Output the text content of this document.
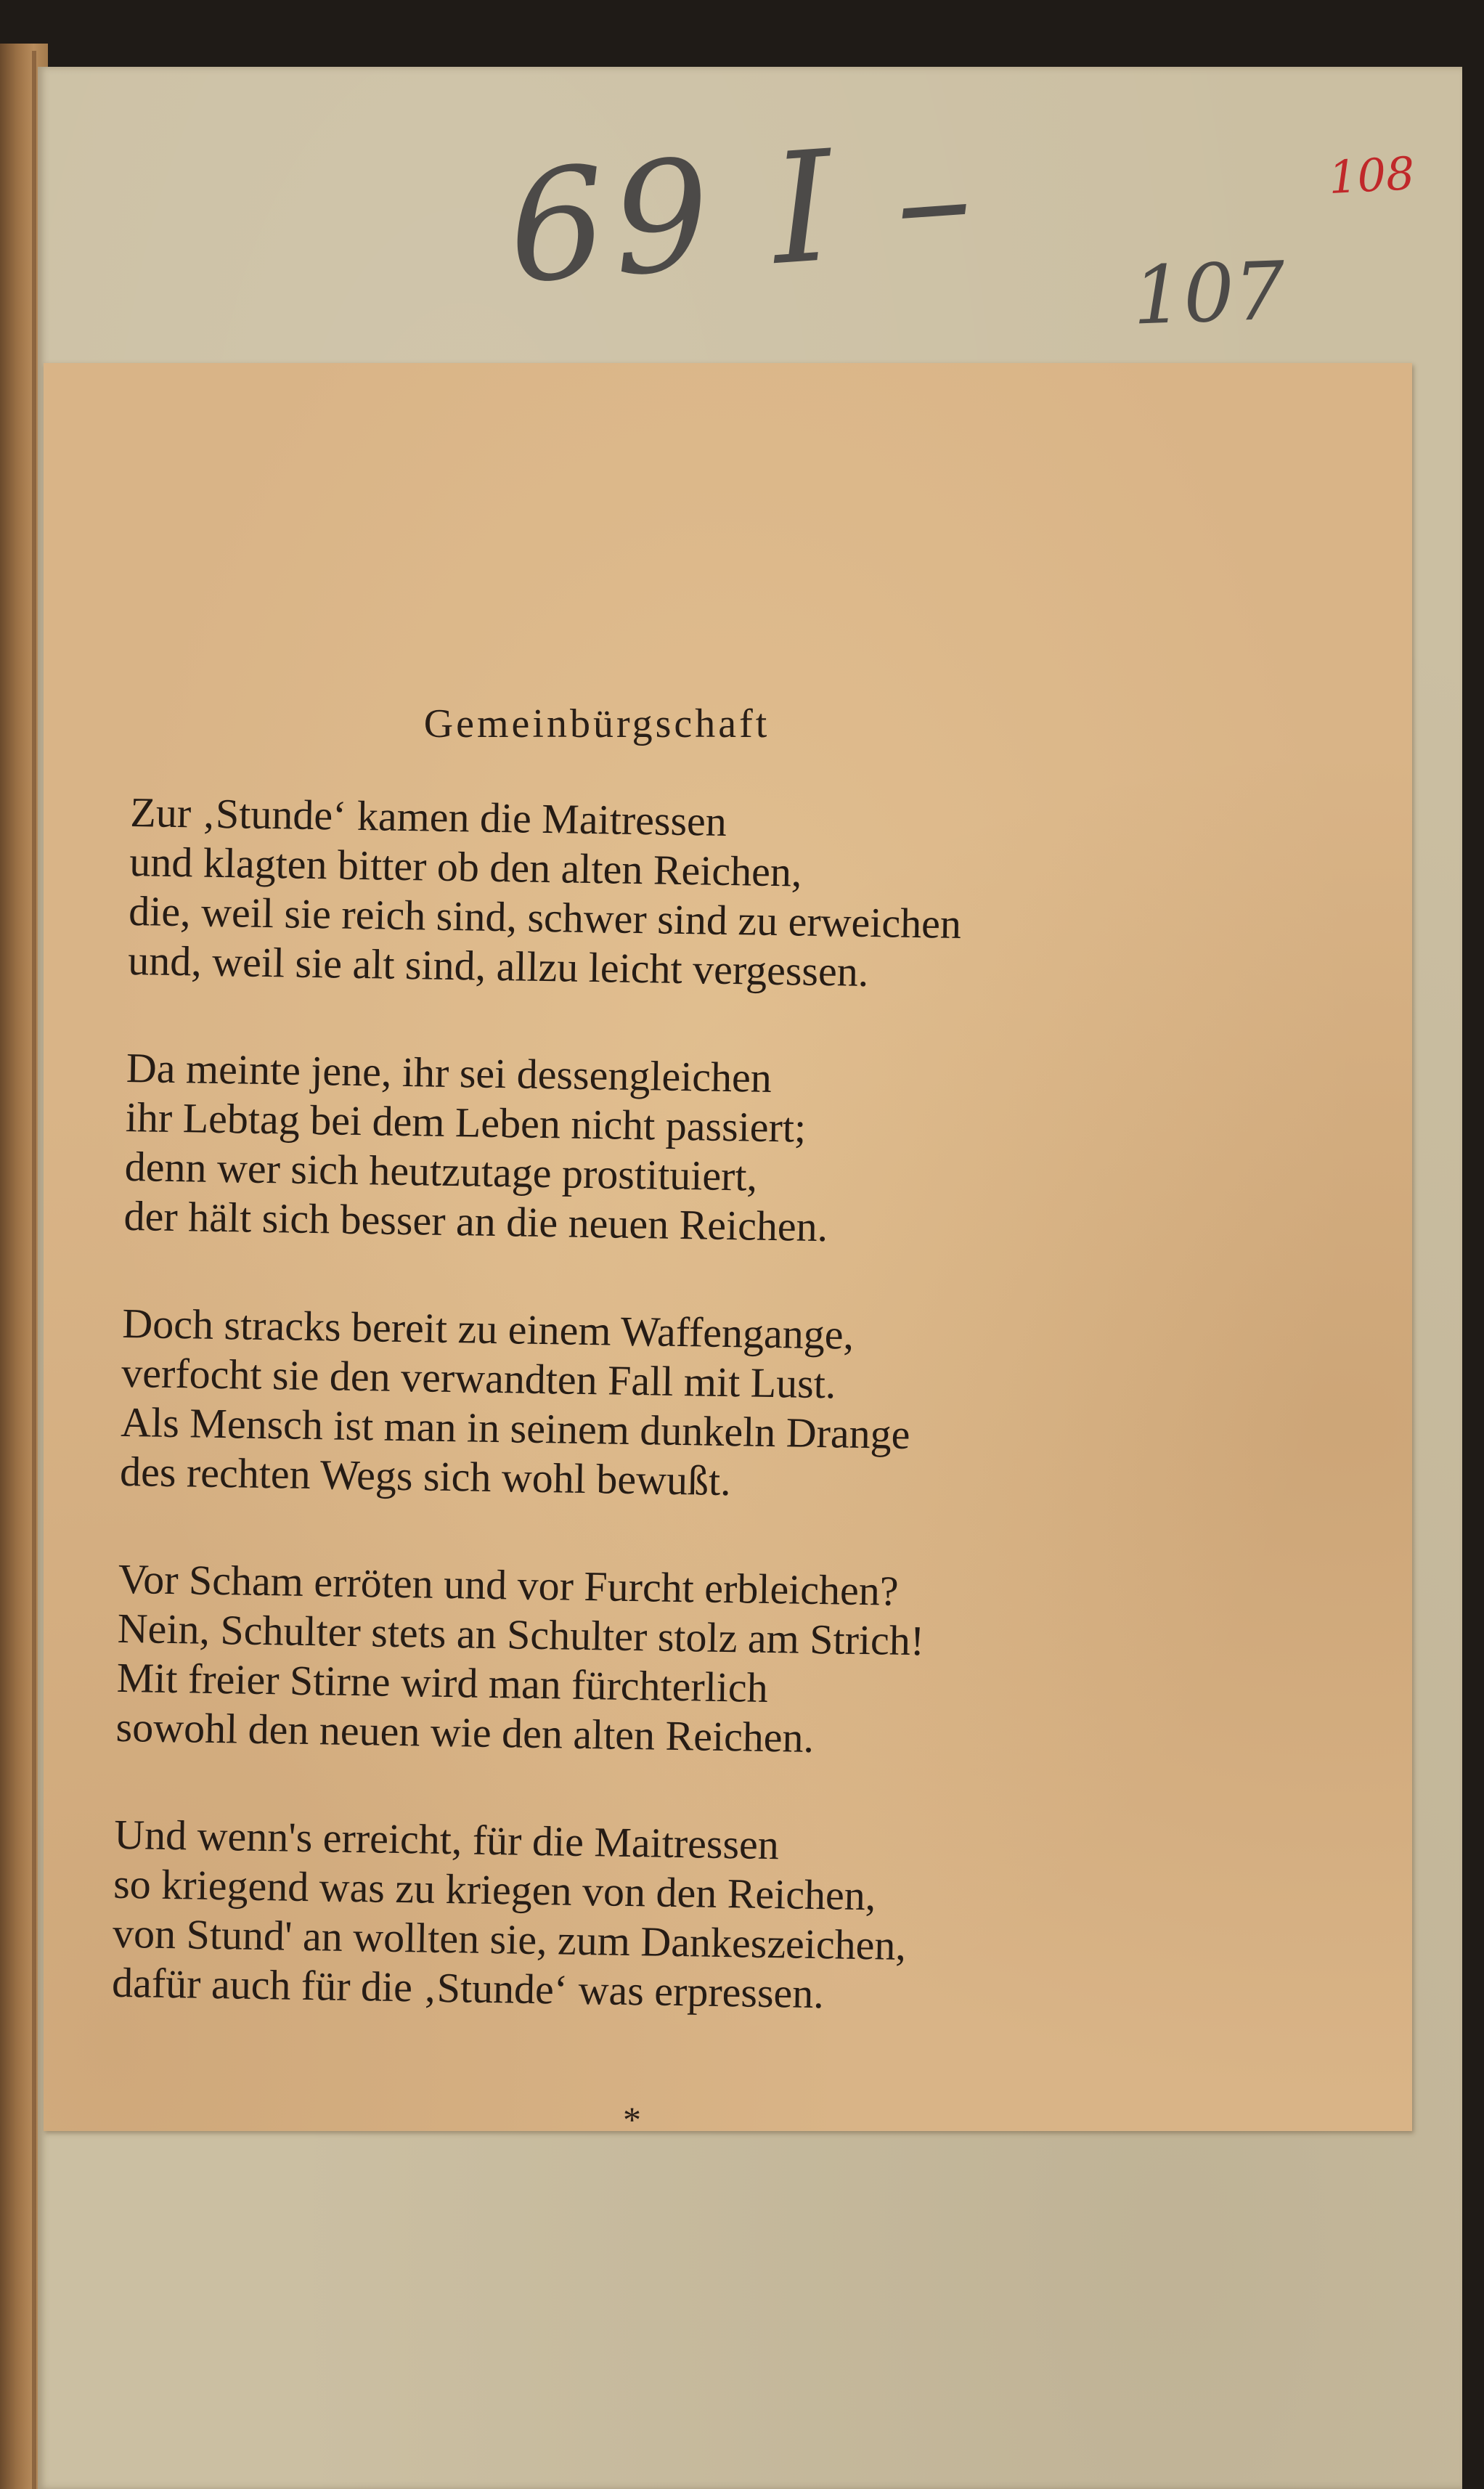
69 I – 107
108
Gemeinbürgschaft
Zur ‚Stunde‘ kamen die Maitressen
und klagten bitter ob den alten Reichen,
die, weil sie reich sind, schwer sind zu erweichen
und, weil sie alt sind, allzu leicht vergessen.
Da meinte jene, ihr sei dessengleichen
ihr Lebtag bei dem Leben nicht passiert;
denn wer sich heutzutage prostituiert,
der hält sich besser an die neuen Reichen.
Doch stracks bereit zu einem Waffengange,
verfocht sie den verwandten Fall mit Lust.
Als Mensch ist man in seinem dunkeln Drange
des rechten Wegs sich wohl bewußt.
Vor Scham erröten und vor Furcht erbleichen?
Nein, Schulter stets an Schulter stolz am Strich!
Mit freier Stirne wird man fürchterlich
sowohl den neuen wie den alten Reichen.
Und wenn's erreicht, für die Maitressen
so kriegend was zu kriegen von den Reichen,
von Stund' an wollten sie, zum Dankeszeichen,
dafür auch für die ‚Stunde‘ was erpressen.
*
